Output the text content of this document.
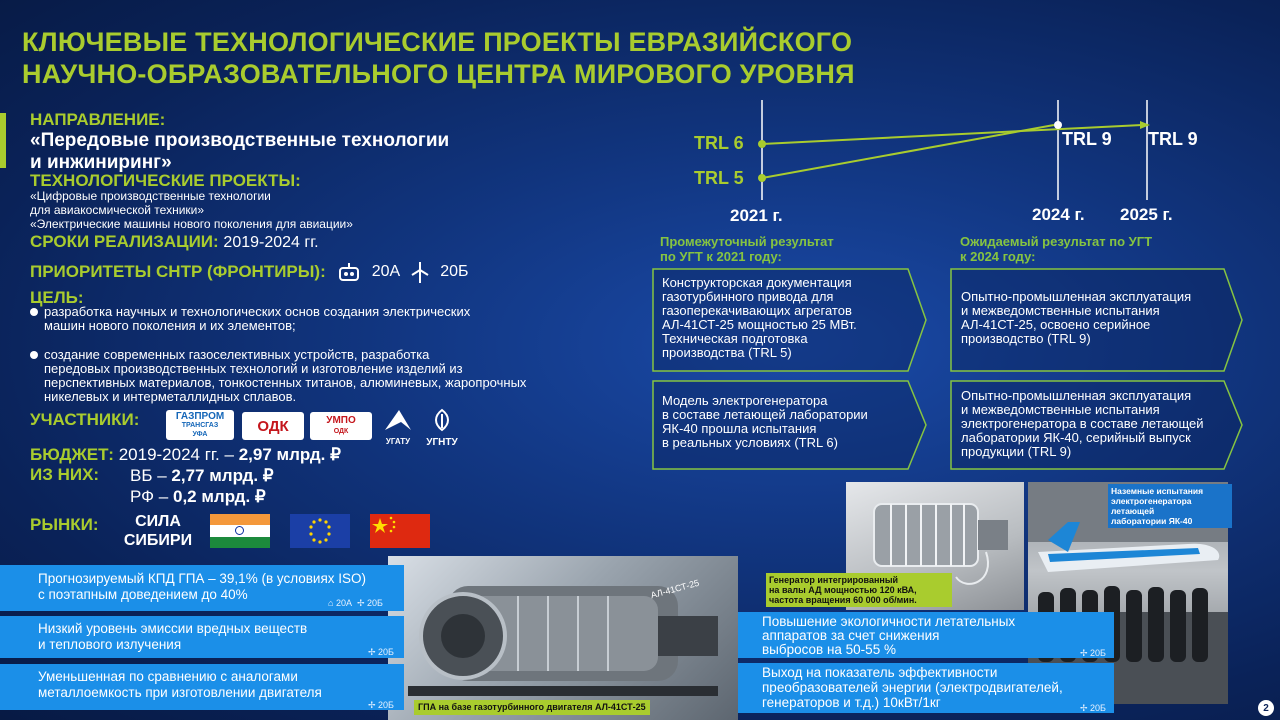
КЛЮЧЕВЫЕ ТЕХНОЛОГИЧЕСКИЕ ПРОЕКТЫ ЕВРАЗИЙСКОГО
НАУЧНО-ОБРАЗОВАТЕЛЬНОГО ЦЕНТРА МИРОВОГО УРОВНЯ
НАПРАВЛЕНИЕ:
«Передовые производственные технологии
и инжиниринг»
ТЕХНОЛОГИЧЕСКИЕ ПРОЕКТЫ:
«Цифровые производственные технологии
для авиакосмической техники»
«Электрические машины нового поколения для авиации»
СРОКИ РЕАЛИЗАЦИИ: 2019-2024 гг.
ПРИОРИТЕТЫ СНТР (ФРОНТИРЫ):	20А	20Б
ЦЕЛЬ:
разработка научных и технологических основ создания электрических
машин нового поколения и их элементов;
создание современных газоселективных устройств, разработка
передовых производственных технологий и изготовление изделий из
перспективных материалов, тонкостенных титанов, алюминевых, жаропрочных
никелевых и интерметаллидных сплавов.
УЧАСТНИКИ:	ГАЗПРОМ
ТРАНСГАЗ
УФА	ОДК	УМПО
ОДК
УГАТУ	УГНТУ
БЮДЖЕТ: 2019-2024 гг. – 2,97 млрд. ₽
ИЗ НИХ: ВБ – 2,77 млрд. ₽
РФ – 0,2 млрд. ₽
РЫНКИ:	СИЛА
СИБИРИ
TRL 6
TRL 5
TRL 9 TRL 9
2021 г.	2024 г. 2025 г.
Промежуточный результат
по УГТ к 2021 году:
Ожидаемый результат по УГТ
к 2024 году:
Конструкторская документация
газотурбинного привода для
газоперекачивающих агрегатов
АЛ-41СТ-25 мощностью 25 МВт.
Техническая подготовка
производства (TRL 5)
Модель электрогенератора
в составе летающей лаборатории
ЯК-40 прошла испытания
в реальных условиях (TRL 6)
Опытно-промышленная эксплуатация
и межведомственные испытания
АЛ-41СТ-25, освоено серийное
производство (TRL 9)
Опытно-промышленная эксплуатация
и межведомственные испытания
электрогенератора в составе летающей
лаборатории ЯК-40, серийный выпуск
продукции (TRL 9)
АЛ-41СТ-25
ГПА на базе газотурбинного двигателя АЛ-41СТ-25
Генератор интегрированный
на валы АД мощностью 120 кВА,
частота вращения 60 000 об/мин.
Наземные испытания
электрогенератора летающей
лаборатории ЯК-40
Прогнозируемый КПД ГПА – 39,1% (в условиях ISO)
с поэтапным доведением до 40%
⌂ 20А  ✢ 20Б
Низкий уровень эмиссии вредных веществ
и теплового излучения	✢ 20Б
Уменьшенная по сравнению с аналогами
металлоемкость при изготовлении двигателя
✢ 20Б
Повышение экологичности летательных
аппаратов за счет снижения
выбросов на 50-55 %	✢ 20Б
Выход на показатель эффективности
преобразователей энергии (электродвигателей,
генераторов и т.д.) 10кВт/1кг	✢ 20Б	2
